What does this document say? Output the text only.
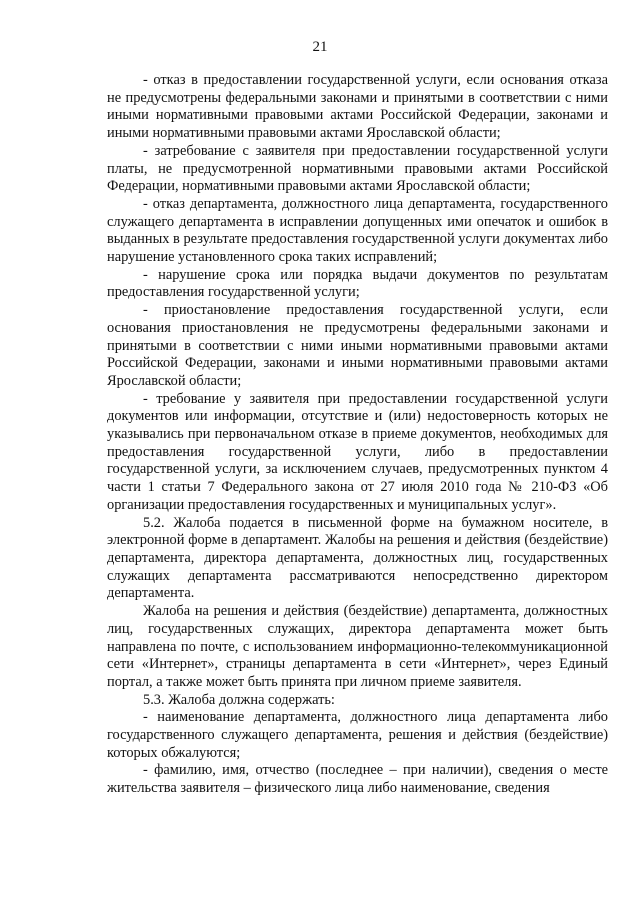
21

- отказ в предоставлении государственной услуги, если основания отказа не предусмотрены федеральными законами и принятыми в соответствии с ними иными нормативными правовыми актами Российской Федерации, законами и иными нормативными правовыми актами Ярославской области;

- затребование с заявителя при предоставлении государственной услуги платы, не предусмотренной нормативными правовыми актами Российской Федерации, нормативными правовыми актами Ярославской области;

- отказ департамента, должностного лица департамента, государственного служащего департамента в исправлении допущенных ими опечаток и ошибок в выданных в результате предоставления государственной услуги документах либо нарушение установленного срока таких исправлений;

- нарушение срока или порядка выдачи документов по результатам предоставления государственной услуги;

- приостановление предоставления государственной услуги, если основания приостановления не предусмотрены федеральными законами и принятыми в соответствии с ними иными нормативными правовыми актами Российской Федерации, законами и иными нормативными правовыми актами Ярославской области;

- требование у заявителя при предоставлении государственной услуги документов или информации, отсутствие и (или) недостоверность которых не указывались при первоначальном отказе в приеме документов, необходимых для предоставления государственной услуги, либо в предоставлении государственной услуги, за исключением случаев, предусмотренных пунктом 4 части 1 статьи 7 Федерального закона от 27 июля 2010 года № 210-ФЗ «Об организации предоставления государственных и муниципальных услуг».

5.2. Жалоба подается в письменной форме на бумажном носителе, в электронной форме в департамент. Жалобы на решения и действия (бездействие) департамента, директора департамента, должностных лиц, государственных служащих департамента рассматриваются непосредственно директором департамента.

Жалоба на решения и действия (бездействие) департамента, должностных лиц, государственных служащих, директора департамента может быть направлена по почте, с использованием информационно-телекоммуникационной сети «Интернет», страницы департамента в сети «Интернет», через Единый портал, а также может быть принята при личном приеме заявителя.

5.3. Жалоба должна содержать:

- наименование департамента, должностного лица департамента либо государственного служащего департамента, решения и действия (бездействие) которых обжалуются;

- фамилию, имя, отчество (последнее – при наличии), сведения о месте жительства заявителя – физического лица либо наименование, сведения
